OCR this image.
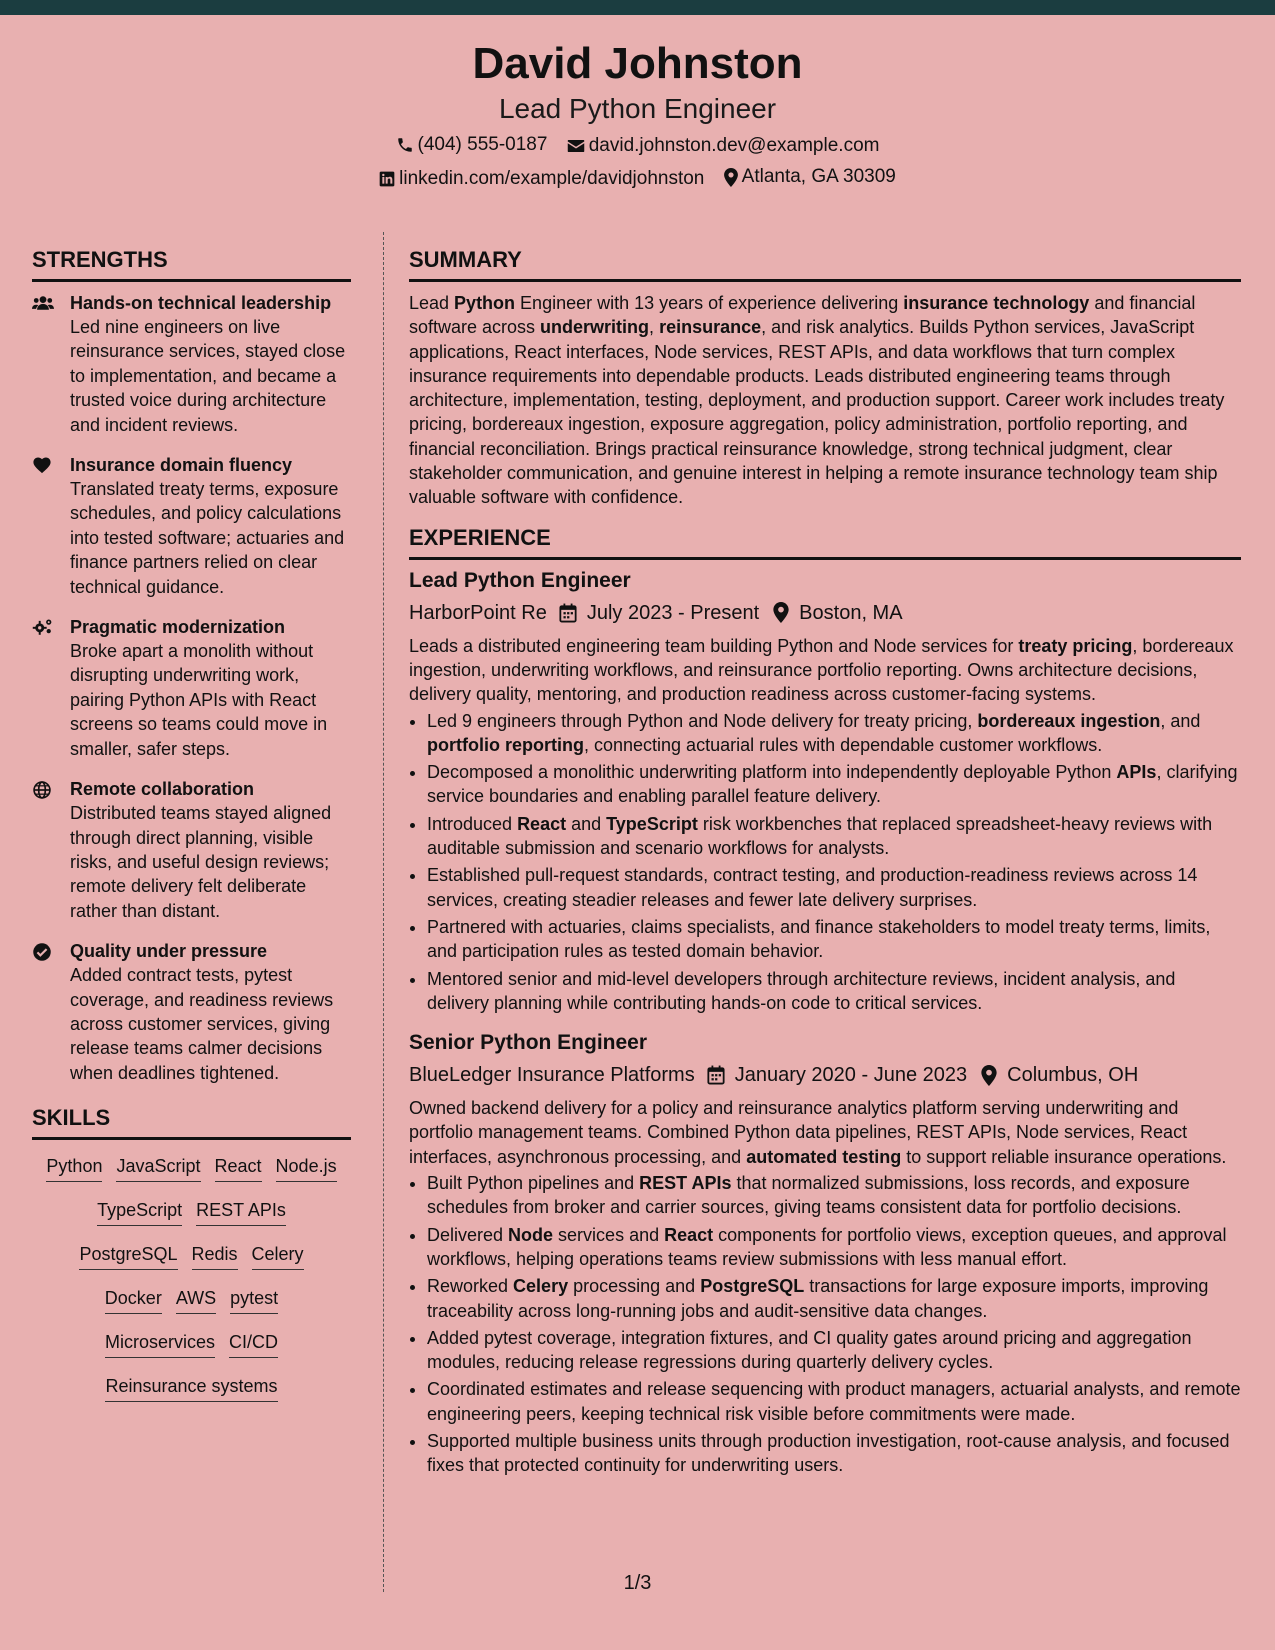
David Johnston
Lead Python Engineer
(404) 555-0187
david.johnston.dev@example.com
linkedin.com/example/davidjohnston
Atlanta, GA 30309
STRENGTHS
Hands-on technical leadership
Led nine engineers on live reinsurance services, stayed close to implementation, and became a trusted voice during architecture and incident reviews.
Insurance domain fluency
Translated treaty terms, exposure schedules, and policy calculations into tested software; actuaries and finance partners relied on clear technical guidance.
Pragmatic modernization
Broke apart a monolith without disrupting underwriting work, pairing Python APIs with React screens so teams could move in smaller, safer steps.
Remote collaboration
Distributed teams stayed aligned through direct planning, visible risks, and useful design reviews; remote delivery felt deliberate rather than distant.
Quality under pressure
Added contract tests, pytest coverage, and readiness reviews across customer services, giving release teams calmer decisions when deadlines tightened.
SKILLS
Python JavaScript React Node.js
TypeScript REST APIs
PostgreSQL Redis Celery
Docker AWS pytest
Microservices CI/CD
Reinsurance systems
SUMMARY

Lead Python Engineer with 13 years of experience delivering insurance technology and financial software across underwriting, reinsurance, and risk analytics. Builds Python services, JavaScript applications, React interfaces, Node services, REST APIs, and data workflows that turn complex insurance requirements into dependable products. Leads distributed engineering teams through architecture, implementation, testing, deployment, and production support. Career work includes treaty pricing, bordereaux ingestion, exposure aggregation, policy administration, portfolio reporting, and financial reconciliation. Brings practical reinsurance knowledge, strong technical judgment, clear stakeholder communication, and genuine interest in helping a remote insurance technology team ship valuable software with confidence.

EXPERIENCE
Lead Python Engineer
HarborPoint Re July 2023 - Present Boston, MA

Leads a distributed engineering team building Python and Node services for treaty pricing, bordereaux ingestion, underwriting workflows, and reinsurance portfolio reporting. Owns architecture decisions, delivery quality, mentoring, and production readiness across customer-facing systems.

• Led 9 engineers through Python and Node delivery for treaty pricing, bordereaux ingestion, and portfolio reporting, connecting actuarial rules with dependable customer workflows.
• Decomposed a monolithic underwriting platform into independently deployable Python APIs, clarifying service boundaries and enabling parallel feature delivery.
• Introduced React and TypeScript risk workbenches that replaced spreadsheet-heavy reviews with auditable submission and scenario workflows for analysts.
• Established pull-request standards, contract testing, and production-readiness reviews across 14 services, creating steadier releases and fewer late delivery surprises.
• Partnered with actuaries, claims specialists, and finance stakeholders to model treaty terms, limits, and participation rules as tested domain behavior.
• Mentored senior and mid-level developers through architecture reviews, incident analysis, and delivery planning while contributing hands-on code to critical services.
Senior Python Engineer
BlueLedger Insurance Platforms January 2020 - June 2023 Columbus, OH

Owned backend delivery for a policy and reinsurance analytics platform serving underwriting and portfolio management teams. Combined Python data pipelines, REST APIs, Node services, React interfaces, asynchronous processing, and automated testing to support reliable insurance operations.

• Built Python pipelines and REST APIs that normalized submissions, loss records, and exposure schedules from broker and carrier sources, giving teams consistent data for portfolio decisions.
• Delivered Node services and React components for portfolio views, exception queues, and approval workflows, helping operations teams review submissions with less manual effort.
• Reworked Celery processing and PostgreSQL transactions for large exposure imports, improving traceability across long-running jobs and audit-sensitive data changes.
• Added pytest coverage, integration fixtures, and CI quality gates around pricing and aggregation modules, reducing release regressions during quarterly delivery cycles.
• Coordinated estimates and release sequencing with product managers, actuarial analysts, and remote engineering peers, keeping technical risk visible before commitments were made.
• Supported multiple business units through production investigation, root-cause analysis, and focused fixes that protected continuity for underwriting users.
1/3
